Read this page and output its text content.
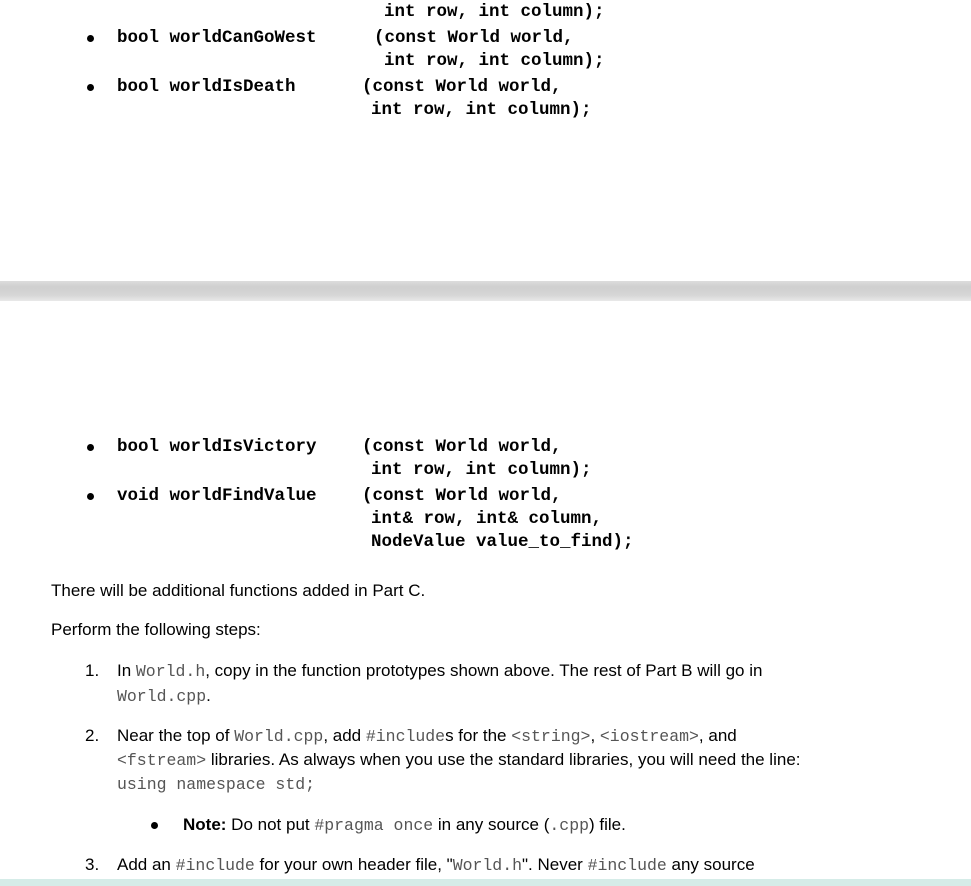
int row, int column);
bool worldCanGoWest	(const World world,
int row, int column);
bool worldIsDeath	(const World world,
int row, int column);
bool worldIsVictory	(const World world,
int row, int column);
void worldFindValue	(const World world,
int& row, int& column,
NodeValue value_to_find);
There will be additional functions added in Part C.
Perform the following steps:
1. In World.h, copy in the function prototypes shown above. The rest of Part B will go in
World.cpp.
2. Near the top of World.cpp, add #includes for the <string>, <iostream>, and
<fstream> libraries. As always when you use the standard libraries, you will need the line:
using namespace std;
Note: Do not put #pragma once in any source (.cpp) file.
3. Add an #include for your own header file, "World.h". Never #include any source
